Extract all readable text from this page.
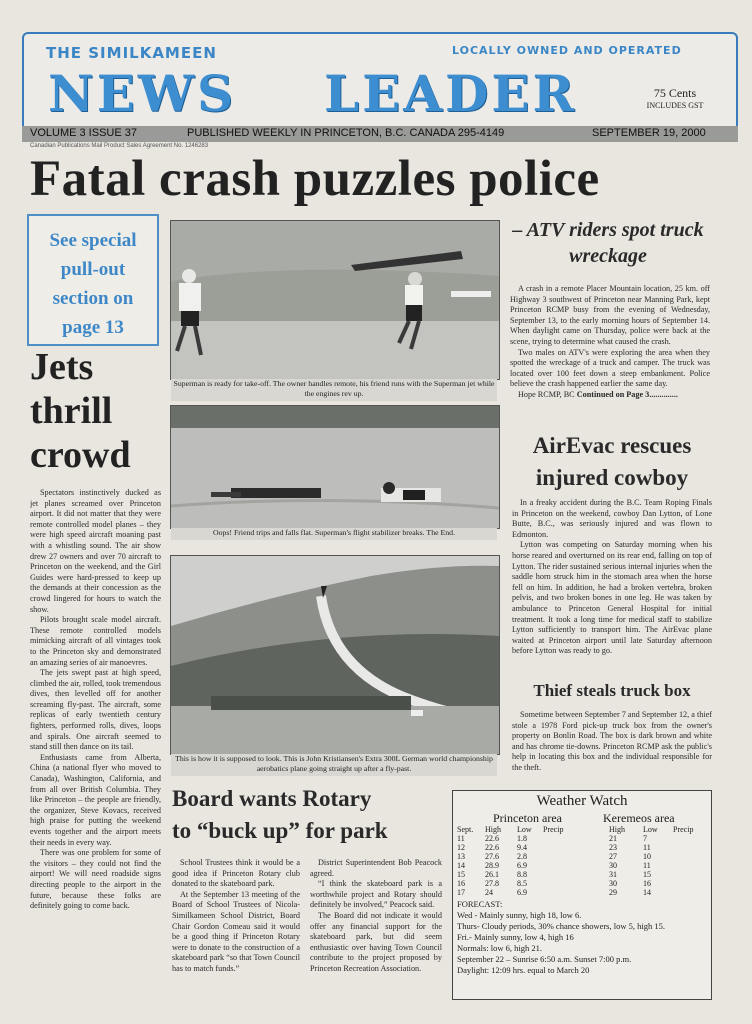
THE SIMILKAMEEN	LOCALLY OWNED AND OPERATED
NEWS LEADER	75 Cents
INCLUDES GST
VOLUME 3 ISSUE 37	PUBLISHED WEEKLY IN PRINCETON, B.C. CANADA 295-4149	SEPTEMBER 19, 2000
Canadian Publications Mail Product Sales Agreement No. 1246283
Fatal crash puzzles police
See special pull-out section on page 13
Jets thrill crowd
Spectators instinctively ducked as jet planes screamed over Princeton airport. It did not matter that they were remote controlled model planes – they were high speed aircraft moaning past with a whistling sound. The air show drew 27 owners and over 70 aircraft to Princeton on the weekend, and the Girl Guides were hard-pressed to keep up the demands at their concession as the crowd lingered for hours to watch the show.
Pilots brought scale model aircraft. These remote controlled models mimicking aircraft of all vintages took to the Princeton sky and demonstrated an amazing series of air manoevres.
The jets swept past at high speed, climbed the air, rolled, took tremendous dives, then levelled off for another screaming fly-past. The aircraft, some replicas of early twentieth century fighters, performed rolls, dives, loops and spirals. One aircraft seemed to stand still then dance on its tail.
Enthusiasts came from Alberta, China (a national flyer who moved to Canada), Washington, California, and from all over British Columbia. They like Princeton – the people are friendly, the organizer, Steve Kovacs, received high praise for putting the weekend events together and the airport meets their needs in every way.
There was one problem for some of the visitors – they could not find the airport! We will need roadside signs directing people to the airport in the future, because these folks are definitely going to come back.
Superman is ready for take-off. The owner handles remote, his friend runs with the Superman jet while the engines rev up.
Oops! Friend trips and falls flat. Superman's flight stabilizer breaks. The End.
This is how it is supposed to look. This is John Kristiansen's Extra 300L German world championship aerobatics plane going straight up after a fly-past.
– ATV riders spot truck wreckage
A crash in a remote Placer Mountain location, 25 km. off Highway 3 southwest of Princeton near Manning Park, kept Princeton RCMP busy from the evening of Wednesday, September 13, to the early morning hours of September 14. When daylight came on Thursday, police were back at the scene, trying to determine what caused the crash.
Two males on ATV's were exploring the area when they spotted the wreckage of a truck and camper. The truck was located over 100 feet down a steep embankment. Police believe the crash happened earlier the same day.
Hope RCMP, BC Continued on Page 3..............
AirEvac rescues injured cowboy
In a freaky accident during the B.C. Team Roping Finals in Princeton on the weekend, cowboy Dan Lytton, of Lone Butte, B.C., was seriously injured and was flown to Edmonton.
Lytton was competing on Saturday morning when his horse reared and overturned on its rear end, falling on top of Lytton. The rider sustained serious internal injuries when the saddle horn struck him in the stomach area when the horse fell on him. In addition, he had a broken vertebra, broken pelvis, and two broken bones in one leg. He was taken by ambulance to Princeton General Hospital for initial treatment. It took a long time for medical staff to stabilize Lytton sufficiently to transport him. The AirEvac plane waited at Princeton airport until late Saturday afternoon before Lytton was ready to go.
Thief steals truck box
Sometime between September 7 and September 12, a thief stole a 1978 Ford pick-up truck box from the owner's property on Bonlin Road. The box is dark brown and white and has chrome tie-downs. Princeton RCMP ask the public's help in locating this box and the individual responsible for the theft.
Board wants Rotary
to “buck up” for park
School Trustees think it would be a good idea if Princeton Rotary club donated to the skateboard park.
At the September 13 meeting of the Board of School Trustees of Nicola-Similkameen School District, Board Chair Gordon Comeau said it would be a good thing if Princeton Rotary were to donate to the construction of a skateboard park “so that Town Council has to match funds.”
District Superintendent Bob Peacock agreed.
“I think the skateboard park is a worthwhile project and Rotary should definitely be involved,” Peacock said.
The Board did not indicate it would offer any financial support for the skateboard park, but did seem enthusiastic over having Town Council contribute to the project proposed by Princeton Recreation Association.
Weather Watch
Princeton area	Keremeos area
Sept.	High	Low	Precip	High	Low	Precip
11	22.6	1.8		21	7	
12	22.6	9.4		23	11	
13	27.6	2.8		27	10	
14	28.9	6.9		30	11	
15	26.1	8.8		31	15	
16	27.8	8.5		30	16	
17	24	6.9		29	14	
FORECAST:
Wed - Mainly sunny, high 18, low 6.
Thurs- Cloudy periods, 30% chance showers, low 5, high 15.
Fri.- Mainly sunny, low 4, high 16
Normals: low 6, high 21.
September 22 – Sunrise 6:50 a.m. Sunset 7:00 p.m.
Daylight: 12:09 hrs. equal to March 20
